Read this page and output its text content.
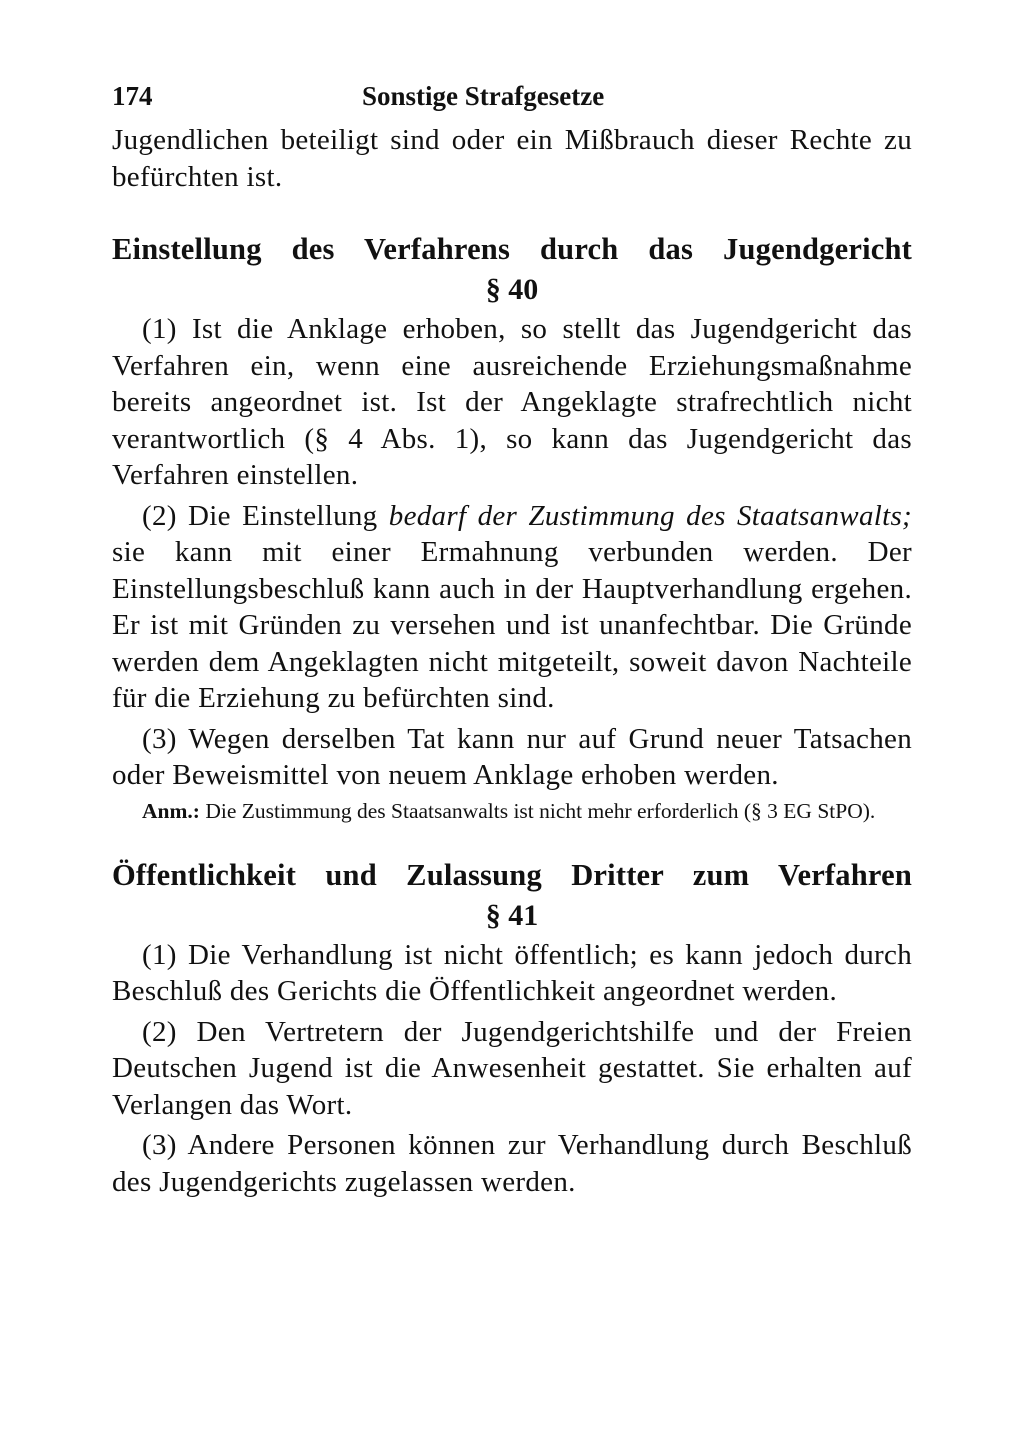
174	Sonstige Strafgesetze

Jugendlichen beteiligt sind oder ein Mißbrauch dieser Rechte zu befürchten ist.

Einstellung des Verfahrens durch das Jugendgericht
§ 40

(1) Ist die Anklage erhoben, so stellt das Jugendgericht das Verfahren ein, wenn eine ausreichende Erziehungsmaßnahme bereits angeordnet ist. Ist der Angeklagte strafrechtlich nicht verantwortlich (§ 4 Abs. 1), so kann das Jugendgericht das Verfahren einstellen.

(2) Die Einstellung bedarf der Zustimmung des Staatsanwalts; sie kann mit einer Ermahnung verbunden werden. Der Einstellungsbeschluß kann auch in der Hauptverhandlung ergehen. Er ist mit Gründen zu versehen und ist unanfechtbar. Die Gründe werden dem Angeklagten nicht mitgeteilt, soweit davon Nachteile für die Erziehung zu befürchten sind.

(3) Wegen derselben Tat kann nur auf Grund neuer Tatsachen oder Beweismittel von neuem Anklage erhoben werden.

Anm.: Die Zustimmung des Staatsanwalts ist nicht mehr erforderlich (§ 3 EG StPO).

Öffentlichkeit und Zulassung Dritter zum Verfahren
§ 41

(1) Die Verhandlung ist nicht öffentlich; es kann jedoch durch Beschluß des Gerichts die Öffentlichkeit angeordnet werden.

(2) Den Vertretern der Jugendgerichtshilfe und der Freien Deutschen Jugend ist die Anwesenheit gestattet. Sie erhalten auf Verlangen das Wort.

(3) Andere Personen können zur Verhandlung durch Beschluß des Jugendgerichts zugelassen werden.
